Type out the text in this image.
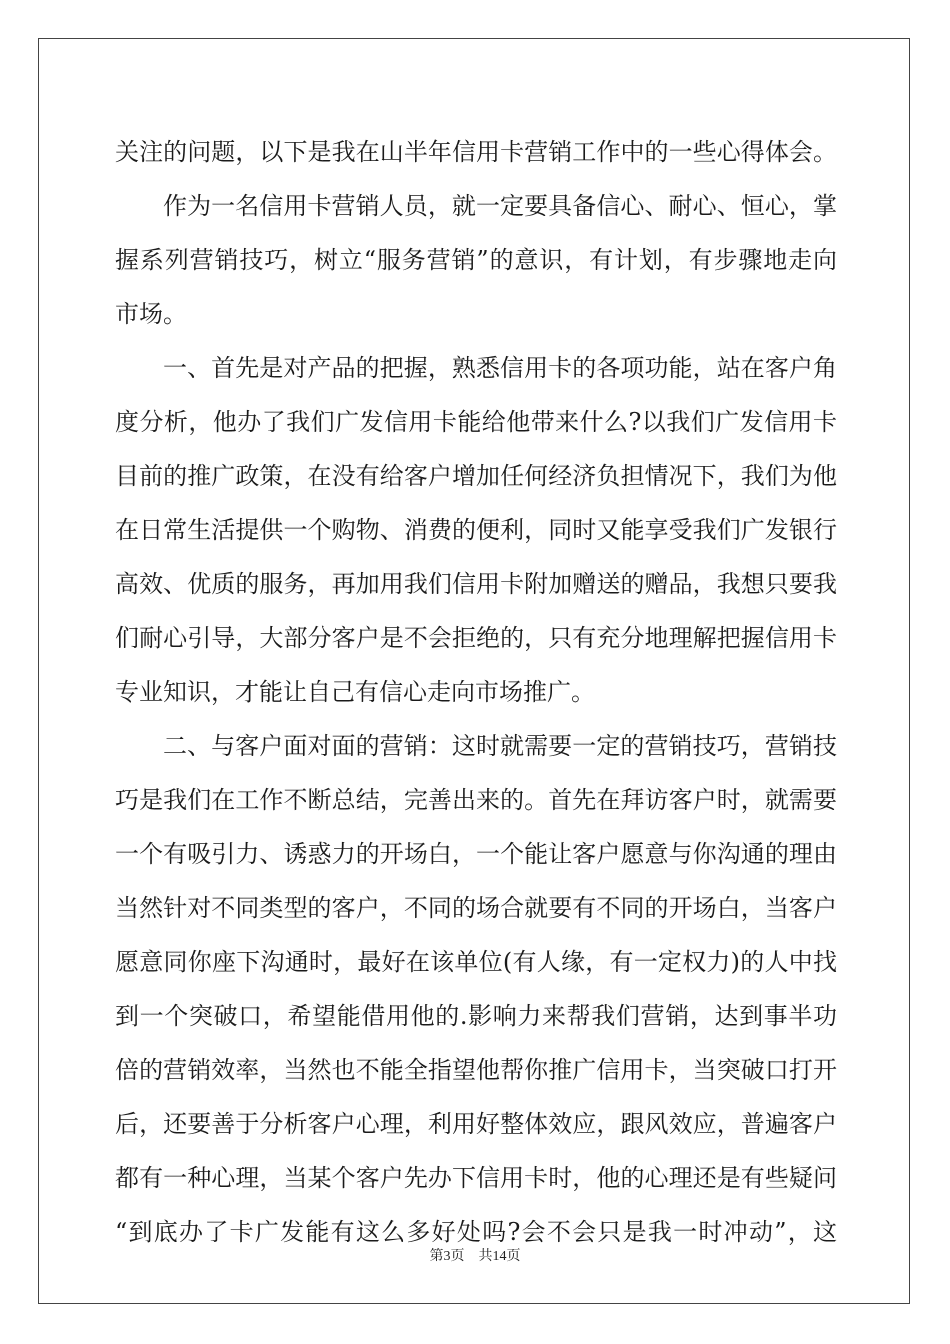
关注的问题，以下是我在山半年信用卡营销工作中的一些心得体会。
作为一名信用卡营销人员，就一定要具备信心、耐心、恒心，掌
握系列营销技巧，树立“服务营销”的意识，有计划，有步骤地走向
市场。
一、首先是对产品的把握，熟悉信用卡的各项功能，站在客户角
度分析，他办了我们广发信用卡能给他带来什么?以我们广发信用卡
目前的推广政策，在没有给客户增加任何经济负担情况下，我们为他
在日常生活提供一个购物、消费的便利，同时又能享受我们广发银行
高效、优质的服务，再加用我们信用卡附加赠送的赠品，我想只要我
们耐心引导，大部分客户是不会拒绝的，只有充分地理解把握信用卡
专业知识，才能让自己有信心走向市场推广。
二、与客户面对面的营销：这时就需要一定的营销技巧，营销技
巧是我们在工作不断总结，完善出来的。首先在拜访客户时，就需要
一个有吸引力、诱惑力的开场白，一个能让客户愿意与你沟通的理由
当然针对不同类型的客户，不同的场合就要有不同的开场白，当客户
愿意同你座下沟通时，最好在该单位(有人缘，有一定权力)的人中找
到一个突破口，希望能借用他的.影响力来帮我们营销，达到事半功
倍的营销效率，当然也不能全指望他帮你推广信用卡，当突破口打开
后，还要善于分析客户心理，利用好整体效应，跟风效应，普遍客户
都有一种心理，当某个客户先办下信用卡时，他的心理还是有些疑问
“到底办了卡广发能有这么多好处吗?会不会只是我一时冲动”，这
第3页 共14页
